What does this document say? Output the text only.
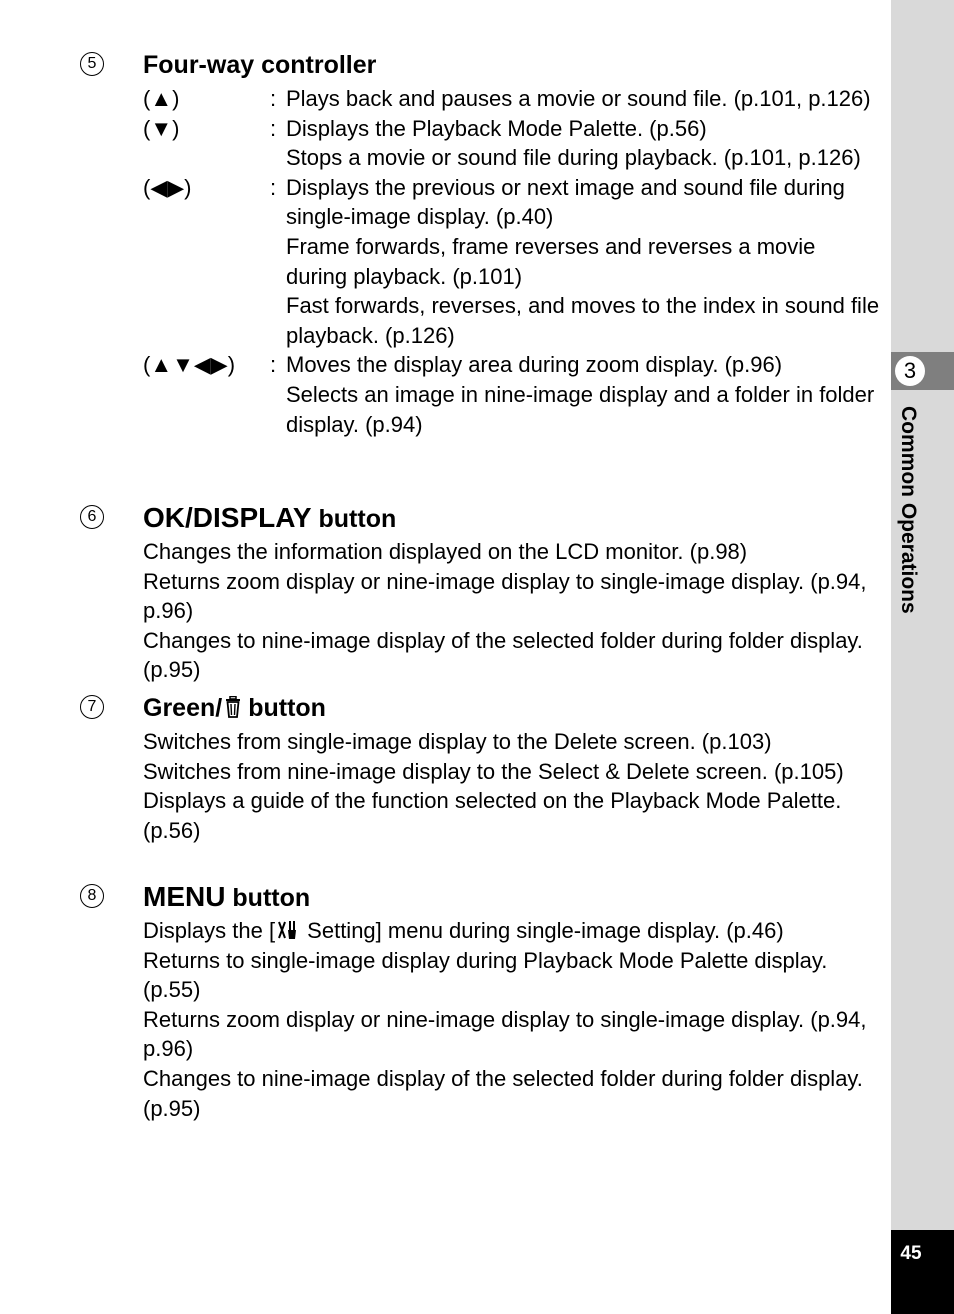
3
Common Operations
45
5	Four-way controller
(▲)	: Plays back and pauses a movie or sound file. (p.101, p.126)

(▼)	: Displays the Playback Mode Palette. (p.56)

Stops a movie or sound file during playback. (p.101, p.126)

(◀▶)	: Displays the previous or next image and sound file during single-image display. (p.40)

Frame forwards, frame reverses and reverses a movie during playback. (p.101)

Fast forwards, reverses, and moves to the index in sound file playback. (p.126)

(▲▼◀▶) : Moves the display area during zoom display. (p.96)

Selects an image in nine-image display and a folder in folder display. (p.94)

6 OK/DISPLAY button

Changes the information displayed on the LCD monitor. (p.98)

Returns zoom display or nine-image display to single-image display. (p.94, p.96)

Changes to nine-image display of the selected folder during folder display. (p.95)

7	Green/ button

Switches from single-image display to the Delete screen. (p.103)

Switches from nine-image display to the Select & Delete screen. (p.105)

Displays a guide of the function selected on the Playback Mode Palette. (p.56)

8 MENU button

Displays the [ Setting] menu during single-image display. (p.46)

Returns to single-image display during Playback Mode Palette display. (p.55)

Returns zoom display or nine-image display to single-image display. (p.94, p.96)

Changes to nine-image display of the selected folder during folder display. (p.95)
